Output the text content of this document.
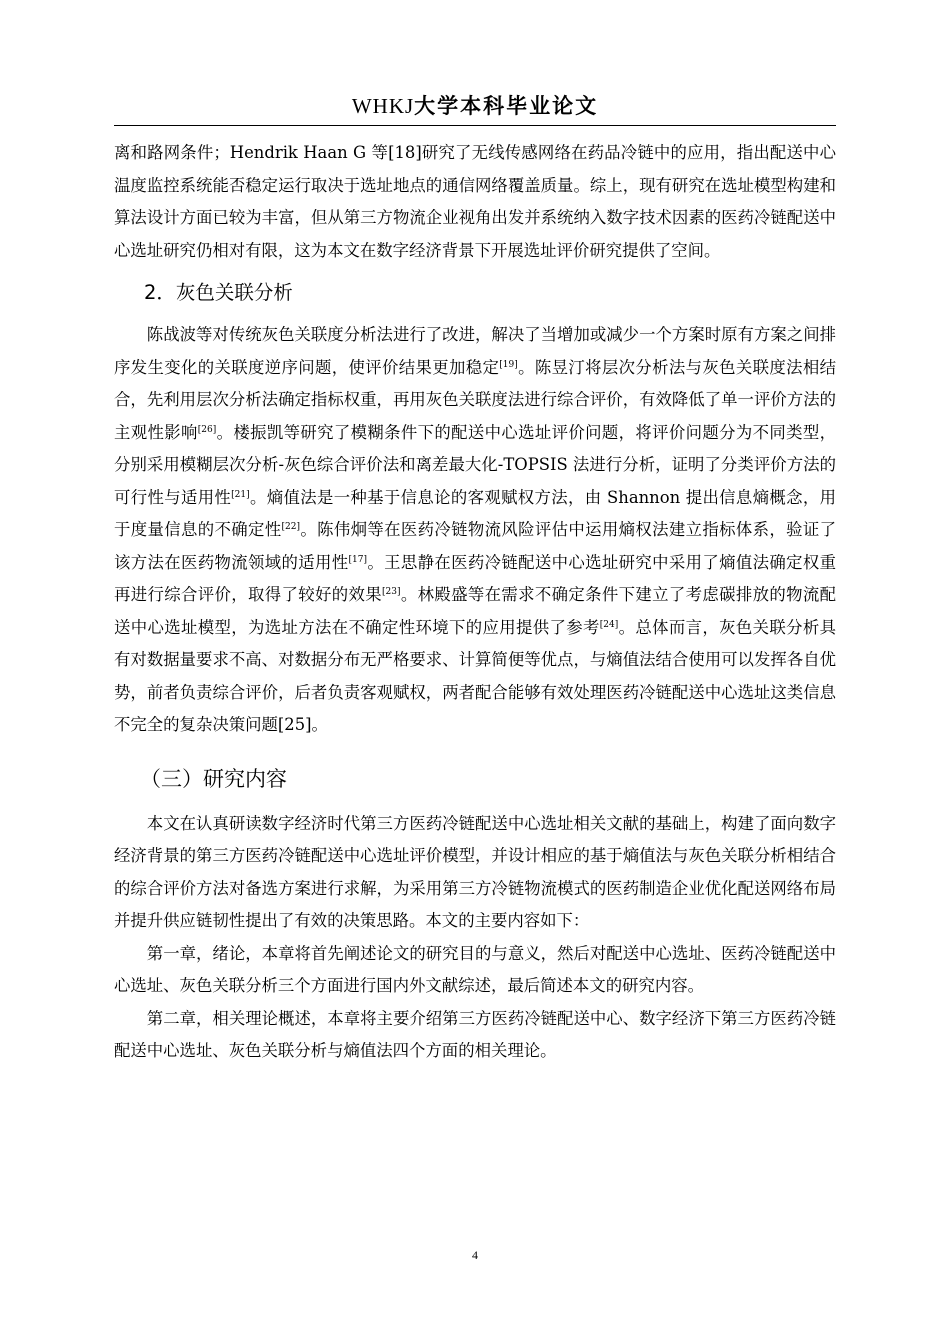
WHKJ大学本科毕业论文

离和路网条件；Hendrik Haan G 等[18]研究了无线传感网络在药品冷链中的应用，指出配送中心温度监控系统能否稳定运行取决于选址地点的通信网络覆盖质量。综上，现有研究在选址模型构建和算法设计方面已较为丰富，但从第三方物流企业视角出发并系统纳入数字技术因素的医药冷链配送中心选址研究仍相对有限，这为本文在数字经济背景下开展选址评价研究提供了空间。

2．灰色关联分析

陈战波等对传统灰色关联度分析法进行了改进，解决了当增加或减少一个方案时原有方案之间排序发生变化的关联度逆序问题，使评价结果更加稳定[19]。陈昱汀将层次分析法与灰色关联度法相结合，先利用层次分析法确定指标权重，再用灰色关联度法进行综合评价，有效降低了单一评价方法的主观性影响[26]。楼振凯等研究了模糊条件下的配送中心选址评价问题，将评价问题分为不同类型，分别采用模糊层次分析-灰色综合评价法和离差最大化-TOPSIS 法进行分析，证明了分类评价方法的可行性与适用性[21]。熵值法是一种基于信息论的客观赋权方法，由 Shannon 提出信息熵概念，用于度量信息的不确定性[22]。陈伟炯等在医药冷链物流风险评估中运用熵权法建立指标体系，验证了该方法在医药物流领域的适用性[17]。王思静在医药冷链配送中心选址研究中采用了熵值法确定权重再进行综合评价，取得了较好的效果[23]。林殿盛等在需求不确定条件下建立了考虑碳排放的物流配送中心选址模型，为选址方法在不确定性环境下的应用提供了参考[24]。总体而言，灰色关联分析具有对数据量要求不高、对数据分布无严格要求、计算简便等优点，与熵值法结合使用可以发挥各自优势，前者负责综合评价，后者负责客观赋权，两者配合能够有效处理医药冷链配送中心选址这类信息不完全的复杂决策问题[25]。

（三）研究内容

本文在认真研读数字经济时代第三方医药冷链配送中心选址相关文献的基础上，构建了面向数字经济背景的第三方医药冷链配送中心选址评价模型，并设计相应的基于熵值法与灰色关联分析相结合的综合评价方法对备选方案进行求解，为采用第三方冷链物流模式的医药制造企业优化配送网络布局并提升供应链韧性提出了有效的决策思路。本文的主要内容如下：

第一章，绪论，本章将首先阐述论文的研究目的与意义，然后对配送中心选址、医药冷链配送中心选址、灰色关联分析三个方面进行国内外文献综述，最后简述本文的研究内容。

第二章，相关理论概述，本章将主要介绍第三方医药冷链配送中心、数字经济下第三方医药冷链配送中心选址、灰色关联分析与熵值法四个方面的相关理论。

4
